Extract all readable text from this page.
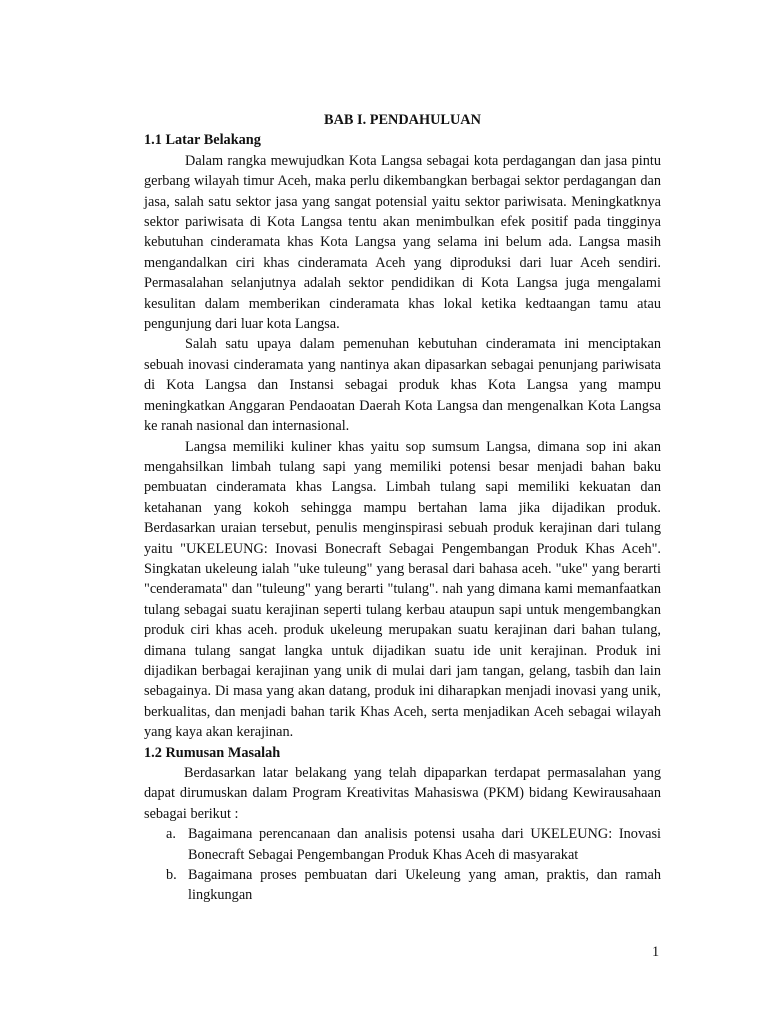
BAB I. PENDAHULUAN
1.1 Latar Belakang

Dalam rangka mewujudkan Kota Langsa sebagai kota perdagangan dan jasa pintu gerbang wilayah timur Aceh, maka perlu dikembangkan berbagai sektor perdagangan dan jasa, salah satu sektor jasa yang sangat potensial yaitu sektor pariwisata. Meningkatknya sektor pariwisata di Kota Langsa tentu akan menimbulkan efek positif pada tingginya kebutuhan cinderamata khas Kota Langsa yang selama ini belum ada. Langsa masih mengandalkan ciri khas cinderamata Aceh yang diproduksi dari luar Aceh sendiri. Permasalahan selanjutnya adalah sektor pendidikan di Kota Langsa juga mengalami kesulitan dalam memberikan cinderamata khas lokal ketika kedtaangan tamu atau pengunjung dari luar kota Langsa.

Salah satu upaya dalam pemenuhan kebutuhan cinderamata ini menciptakan sebuah inovasi cinderamata yang nantinya akan dipasarkan sebagai penunjang pariwisata di Kota Langsa dan Instansi sebagai produk khas Kota Langsa yang mampu meningkatkan Anggaran Pendaoatan Daerah Kota Langsa dan mengenalkan Kota Langsa ke ranah nasional dan internasional.

Langsa memiliki kuliner khas yaitu sop sumsum Langsa, dimana sop ini akan mengahsilkan limbah tulang sapi yang memiliki potensi besar menjadi bahan baku pembuatan cinderamata khas Langsa. Limbah tulang sapi memiliki kekuatan dan ketahanan yang kokoh sehingga mampu bertahan lama jika dijadikan produk. Berdasarkan uraian tersebut, penulis menginspirasi sebuah produk kerajinan dari tulang yaitu "UKELEUNG: Inovasi Bonecraft Sebagai Pengembangan Produk Khas Aceh". Singkatan ukeleung ialah "uke tuleung" yang berasal dari bahasa aceh. "uke" yang berarti "cenderamata" dan "tuleung" yang berarti "tulang". nah yang dimana kami memanfaatkan tulang sebagai suatu kerajinan seperti tulang kerbau ataupun sapi untuk mengembangkan produk ciri khas aceh. produk ukeleung merupakan suatu kerajinan dari bahan tulang, dimana tulang sangat langka untuk dijadikan suatu ide unit kerajinan. Produk ini dijadikan berbagai kerajinan yang unik di mulai dari jam tangan, gelang, tasbih dan lain sebagainya. Di masa yang akan datang, produk ini diharapkan menjadi inovasi yang unik, berkualitas, dan menjadi bahan tarik Khas Aceh, serta menjadikan Aceh sebagai wilayah yang kaya akan kerajinan.

1.2 Rumusan Masalah

Berdasarkan latar belakang yang telah dipaparkan terdapat permasalahan yang dapat dirumuskan dalam Program Kreativitas Mahasiswa (PKM) bidang Kewirausahaan sebagai berikut :

a. Bagaimana perencanaan dan analisis potensi usaha dari UKELEUNG: Inovasi Bonecraft Sebagai Pengembangan Produk Khas Aceh di masyarakat
b. Bagaimana proses pembuatan dari Ukeleung yang aman, praktis, dan ramah lingkungan
1
